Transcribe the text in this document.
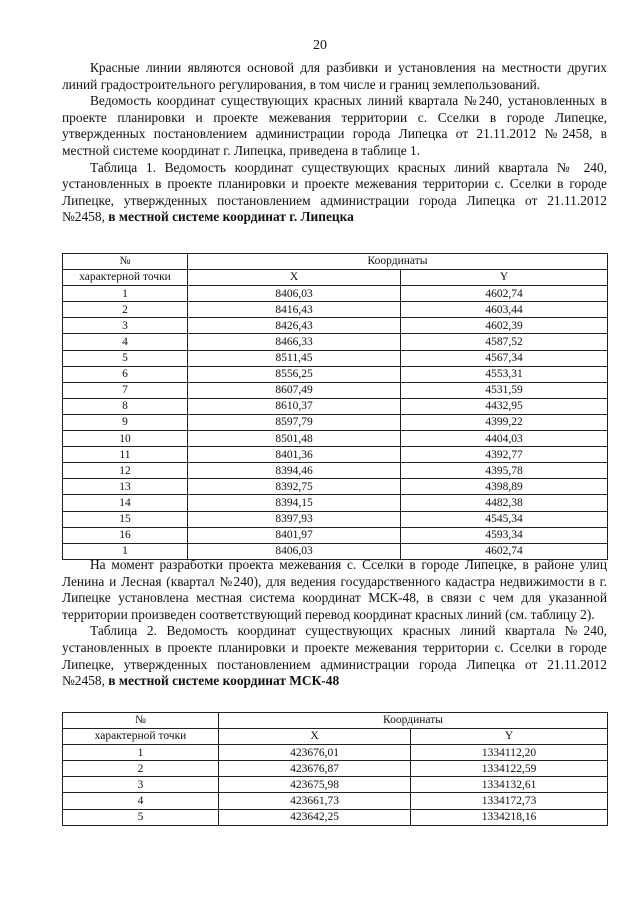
20

Красные линии являются основой для разбивки и установления на местности других линий градостроительного регулирования, в том числе и границ землепользований.

Ведомость координат существующих красных линий квартала №240, установленных в проекте планировки и проекте межевания территории с. Сселки в городе Липецке, утвержденных постановлением администрации города Липецка от 21.11.2012 №2458, в местной системе координат г. Липецка, приведена в таблице 1.

Таблица 1. Ведомость координат существующих красных линий квартала № 240, установленных в проекте планировки и проекте межевания территории с. Сселки в городе Липецке, утвержденных постановлением администрации города Липецка от 21.11.2012 №2458, в местной системе координат г. Липецка

№	Координаты	
характерной точки	X	Y
1	8406,03	4602,74
2	8416,43	4603,44
3	8426,43	4602,39
4	8466,33	4587,52
5	8511,45	4567,34
6	8556,25	4553,31
7	8607,49	4531,59
8	8610,37	4432,95
9	8597,79	4399,22
10	8501,48	4404,03
11	8401,36	4392,77
12	8394,46	4395,78
13	8392,75	4398,89
14	8394,15	4482,38
15	8397,93	4545,34
16	8401,97	4593,34
1	8406,03	4602,74

На момент разработки проекта межевания с. Сселки в городе Липецке, в районе улиц Ленина и Лесная (квартал №240), для ведения государственного кадастра недвижимости в г. Липецке установлена местная система координат МСК-48, в связи с чем для указанной территории произведен соответствующий перевод координат красных линий (см. таблицу 2).

Таблица 2. Ведомость координат существующих красных линий квартала №240, установленных в проекте планировки и проекте межевания территории с. Сселки в городе Липецке, утвержденных постановлением администрации города Липецка от 21.11.2012 №2458, в местной системе координат МСК-48

№	Координаты	
характерной точки	X	Y
1	423676,01	1334112,20
2	423676,87	1334122,59
3	423675,98	1334132,61
4	423661,73	1334172,73
5	423642,25	1334218,16
